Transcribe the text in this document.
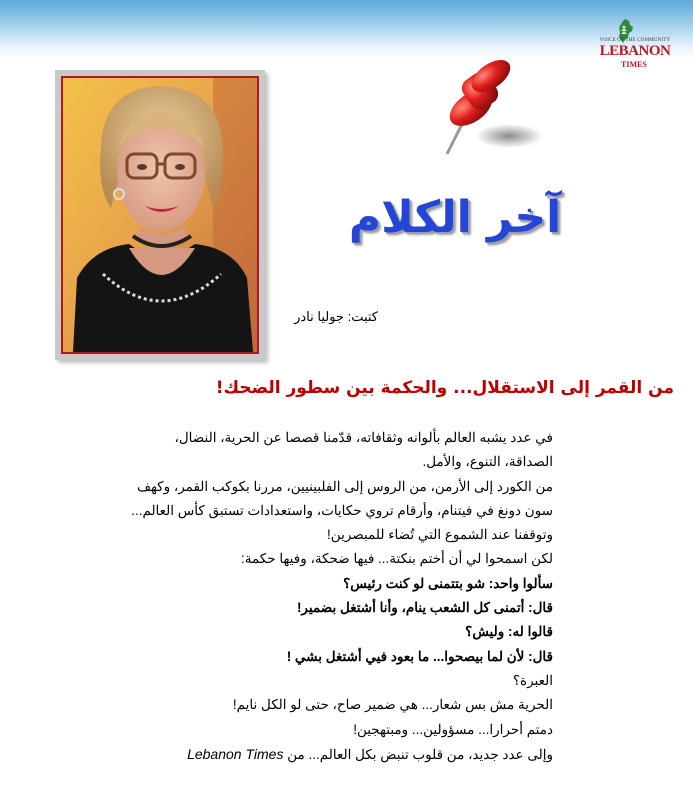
VOICE OF THE COMMUNITY
LEBANON
TIMES
آخر الكلام
كتبت: جوليا نادر
من القمر إلى الاستقلال... والحكمة بين سطور الضحك!

في عدد يشبه العالم بألوانه وثقافاته، قدّمنا قصصا عن الحرية، النضال،

الصداقة، التنوع، والأمل.

من الكورد إلى الأرمن، من الروس إلى الفلبينيين، مررنا بكوكب القمر، وكهف

سون دونغ في فيتنام، وأرقام تروي حكايات، واستعدادات تستبق كأس العالم...

وتوقفنا عند الشموع التي تُضاء للمبصرين!

لكن اسمحوا لي أن أختم بنكتة... فيها ضحكة، وفيها حكمة:

سألوا واحد: شو بتتمنى لو كنت رئيس؟

قال: أتمنى كل الشعب ينام، وأنا أشتغل بضمير!

قالوا له: وليش؟

قال: لأن لما بيصحوا... ما بعود فيي أشتغل بشي !

العبرة؟

الحرية مش بس شعار... هي ضمير صاح، حتى لو الكل نايم!

دمتم أحرارا... مسؤولين... ومبتهجين!

وإلى عدد جديد، من قلوب تنبض بكل العالم... من Lebanon Times
